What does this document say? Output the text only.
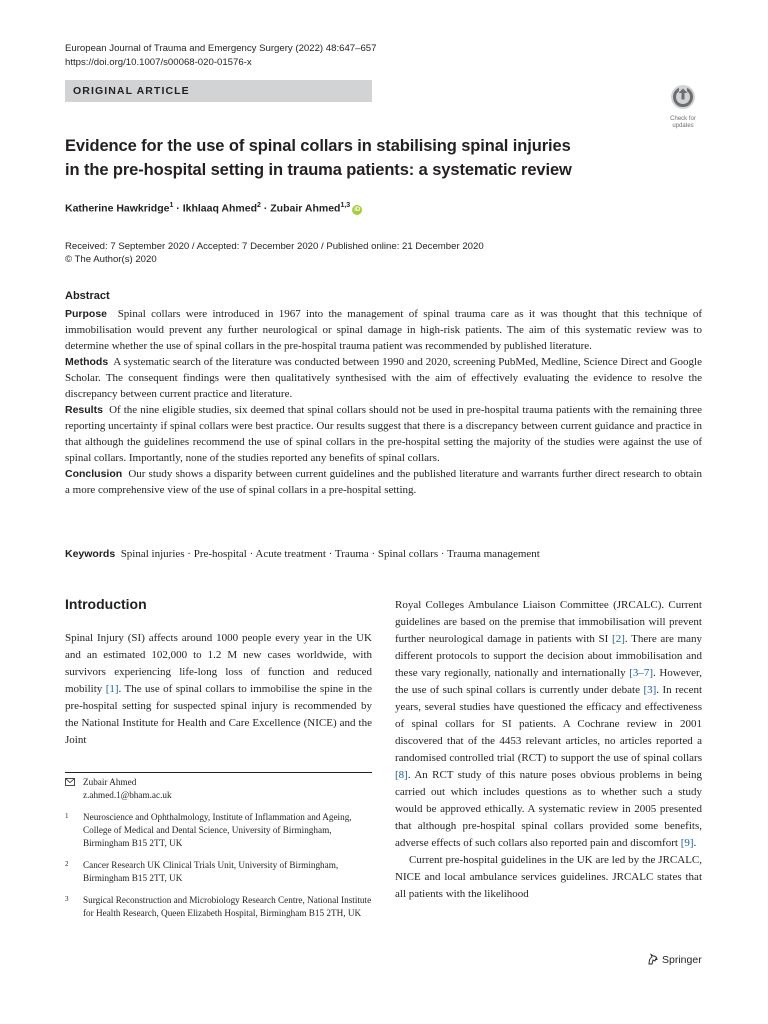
European Journal of Trauma and Emergency Surgery (2022) 48:647–657
https://doi.org/10.1007/s00068-020-01576-x
ORIGINAL ARTICLE
Check for
updates
Evidence for the use of spinal collars in stabilising spinal injuries
in the pre-hospital setting in trauma patients: a systematic review
Katherine Hawkridge$^1$ · Ikhlaaq Ahmed$^2$ · Zubair Ahmed$^{1,3}$iD
Received: 7 September 2020 / Accepted: 7 December 2020 / Published online: 21 December 2020
© The Author(s) 2020
Abstract

Purpose Spinal collars were introduced in 1967 into the management of spinal trauma care as it was thought that this technique of immobilisation would prevent any further neurological or spinal damage in high-risk patients. The aim of this systematic review was to determine whether the use of spinal collars in the pre-hospital trauma patient was recommended by published literature.

Methods A systematic search of the literature was conducted between 1990 and 2020, screening PubMed, Medline, Science Direct and Google Scholar. The consequent findings were then qualitatively synthesised with the aim of effectively evaluating the evidence to resolve the discrepancy between current practice and literature.

Results Of the nine eligible studies, six deemed that spinal collars should not be used in pre-hospital trauma patients with the remaining three reporting uncertainty if spinal collars were best practice. Our results suggest that there is a discrepancy between current guidance and practice in that although the guidelines recommend the use of spinal collars in the pre-hospital setting the majority of the studies were against the use of spinal collars. Importantly, none of the studies reported any benefits of spinal collars.

Conclusion Our study shows a disparity between current guidelines and the published literature and warrants further direct research to obtain a more comprehensive view of the use of spinal collars in a pre-hospital setting.

Keywords Spinal injuries · Pre-hospital · Acute treatment · Trauma · Spinal collars · Trauma management
Introduction

Spinal Injury (SI) affects around 1000 people every year in the UK and an estimated 102,000 to 1.2 M new cases worldwide, with survivors experiencing life-long loss of function and reduced mobility [1]. The use of spinal collars to immobilise the spine in the pre-hospital setting for suspected spinal injury is recommended by the National Institute for Health and Care Excellence (NICE) and the Joint

Royal Colleges Ambulance Liaison Committee (JRCALC). Current guidelines are based on the premise that immobilisation will prevent further neurological damage in patients with SI [2]. There are many different protocols to support the decision about immobilisation and these vary regionally, nationally and internationally [3–7]. However, the use of such spinal collars is currently under debate [3]. In recent years, several studies have questioned the efficacy and effectiveness of spinal collars for SI patients. A Cochrane review in 2001 discovered that of the 4453 relevant articles, no articles reported a randomised controlled trial (RCT) to support the use of spinal collars [8]. An RCT study of this nature poses obvious problems in being carried out which includes questions as to whether such a study would be approved ethically. A systematic review in 2005 presented that although pre-hospital spinal collars provided some benefits, adverse effects of such collars also reported pain and discomfort [9].

Current pre-hospital guidelines in the UK are led by the JRCALC, NICE and local ambulance services guidelines. JRCALC states that all patients with the likelihood

Zubair Ahmed
z.ahmed.1@bham.ac.uk
1	Neuroscience and Ophthalmology, Institute of Inflammation and Ageing, College of Medical and Dental Science, University of Birmingham, Birmingham B15 2TT, UK
2	Cancer Research UK Clinical Trials Unit, University of Birmingham, Birmingham B15 2TT, UK
3	Surgical Reconstruction and Microbiology Research Centre, National Institute for Health Research, Queen Elizabeth Hospital, Birmingham B15 2TH, UK
Springer
